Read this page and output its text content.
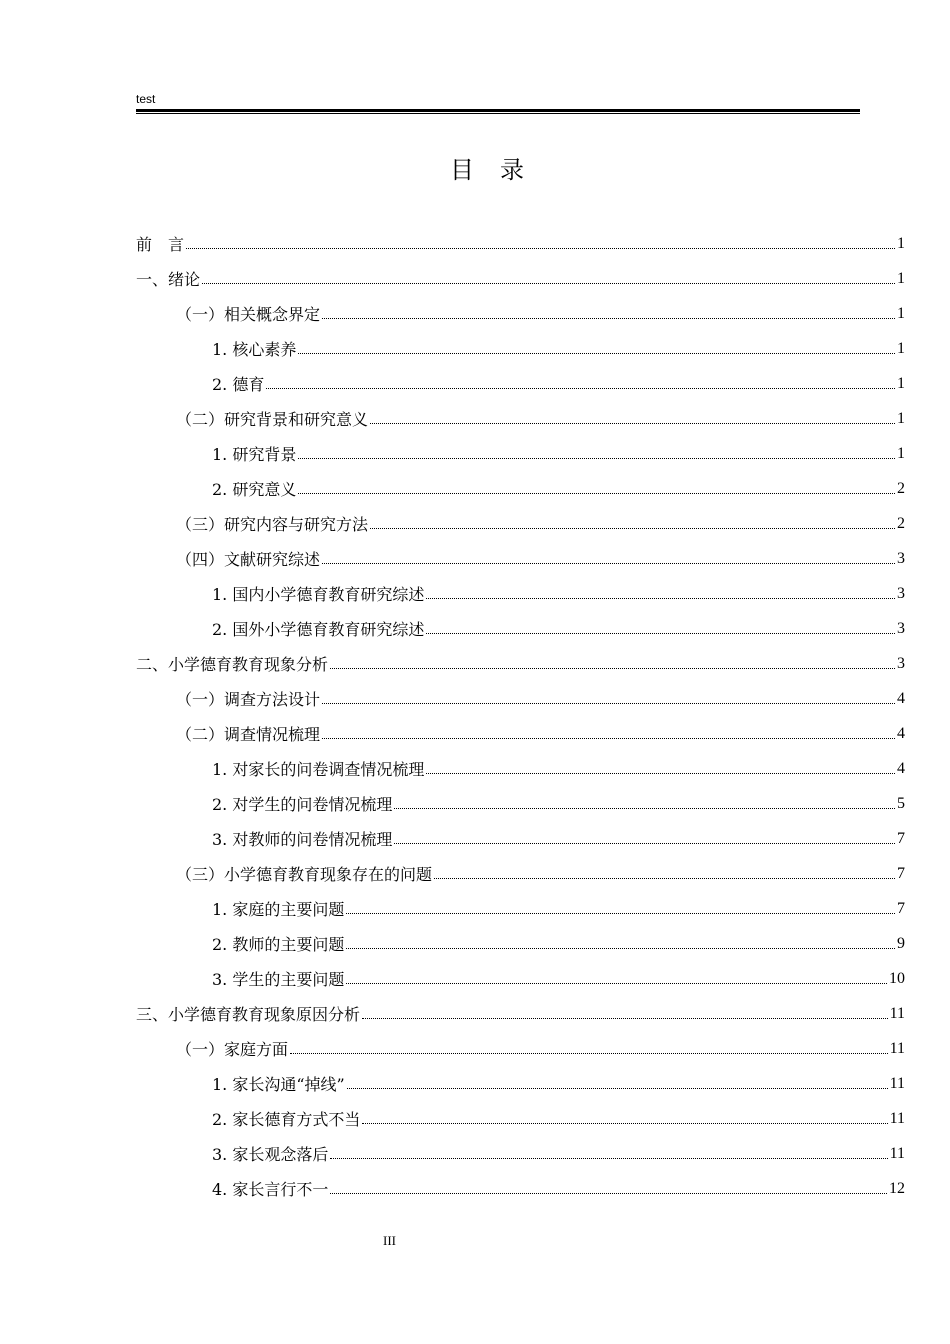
test
目录
前　言	1
一、绪论	1
（一）相关概念界定	1
1. 核心素养	1
2. 德育	1
（二）研究背景和研究意义	1
1. 研究背景	1
2. 研究意义	2
（三）研究内容与研究方法	2
（四）文献研究综述	3
1. 国内小学德育教育研究综述	3
2. 国外小学德育教育研究综述	3
二、小学德育教育现象分析	3
（一）调查方法设计	4
（二）调查情况梳理	4
1. 对家长的问卷调查情况梳理	4
2. 对学生的问卷情况梳理	5
3. 对教师的问卷情况梳理	7
（三）小学德育教育现象存在的问题	7
1. 家庭的主要问题	7
2. 教师的主要问题	9
3. 学生的主要问题	10
三、小学德育教育现象原因分析	11
（一）家庭方面	11
1. 家长沟通“掉线”	11
2. 家长德育方式不当	11
3. 家长观念落后	11
4. 家长言行不一	12
III
